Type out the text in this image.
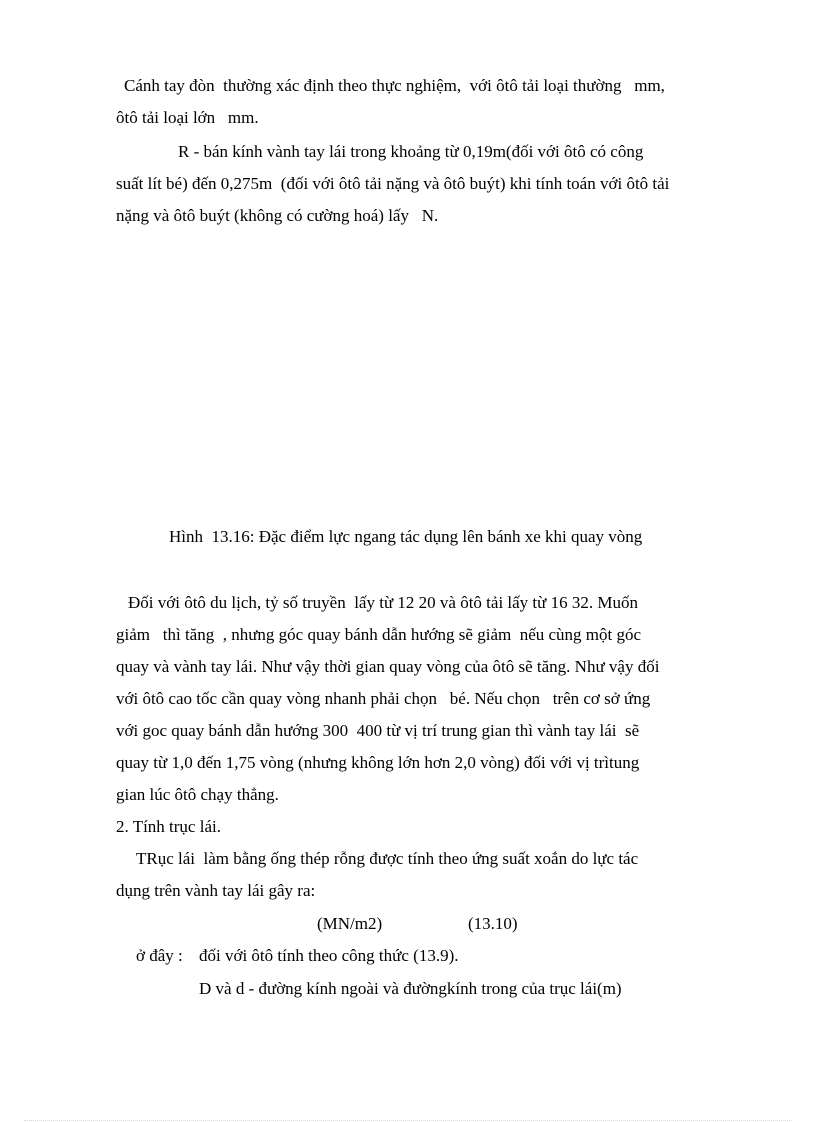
Cánh tay đòn  thường xác định theo thực nghiệm,  với ôtô tải loại thường   mm,

ôtô tải loại lớn   mm.

R - bán kính vành tay lái trong khoảng từ 0,19m(đối với ôtô có công

suất lít bé) đến 0,275m  (đối với ôtô tải nặng và ôtô buýt) khi tính toán với ôtô tải

nặng và ôtô buýt (không có cường hoá) lấy   N.

Hình  13.16: Đặc điểm lực ngang tác dụng lên bánh xe khi quay vòng

Đối với ôtô du lịch, tỷ số truyền  lấy từ 12 20 và ôtô tải lấy từ 16 32. Muốn

giảm   thì tăng  , nhưng góc quay bánh dẫn hướng sẽ giảm  nếu cùng một góc

quay và vành tay lái. Như vậy thời gian quay vòng của ôtô sẽ tăng. Như vậy đối

với ôtô cao tốc cần quay vòng nhanh phải chọn   bé. Nếu chọn   trên cơ sở ứng

với goc quay bánh dẫn hướng 300  400 từ vị trí trung gian thì vành tay lái  sẽ

quay từ 1,0 đến 1,75 vòng (nhưng không lớn hơn 2,0 vòng) đối với vị trìtung

gian lúc ôtô chạy thẳng.

2. Tính trục lái.

TRục lái  làm bằng ống thép rỗng được tính theo ứng suất xoắn do lực tác

dụng trên vành tay lái gây ra:

(MN/m2)	(13.10)

ở đây : đối với ôtô tính theo công thức (13.9).

D và d - đường kính ngoài và đườngkính trong của trục lái(m)
